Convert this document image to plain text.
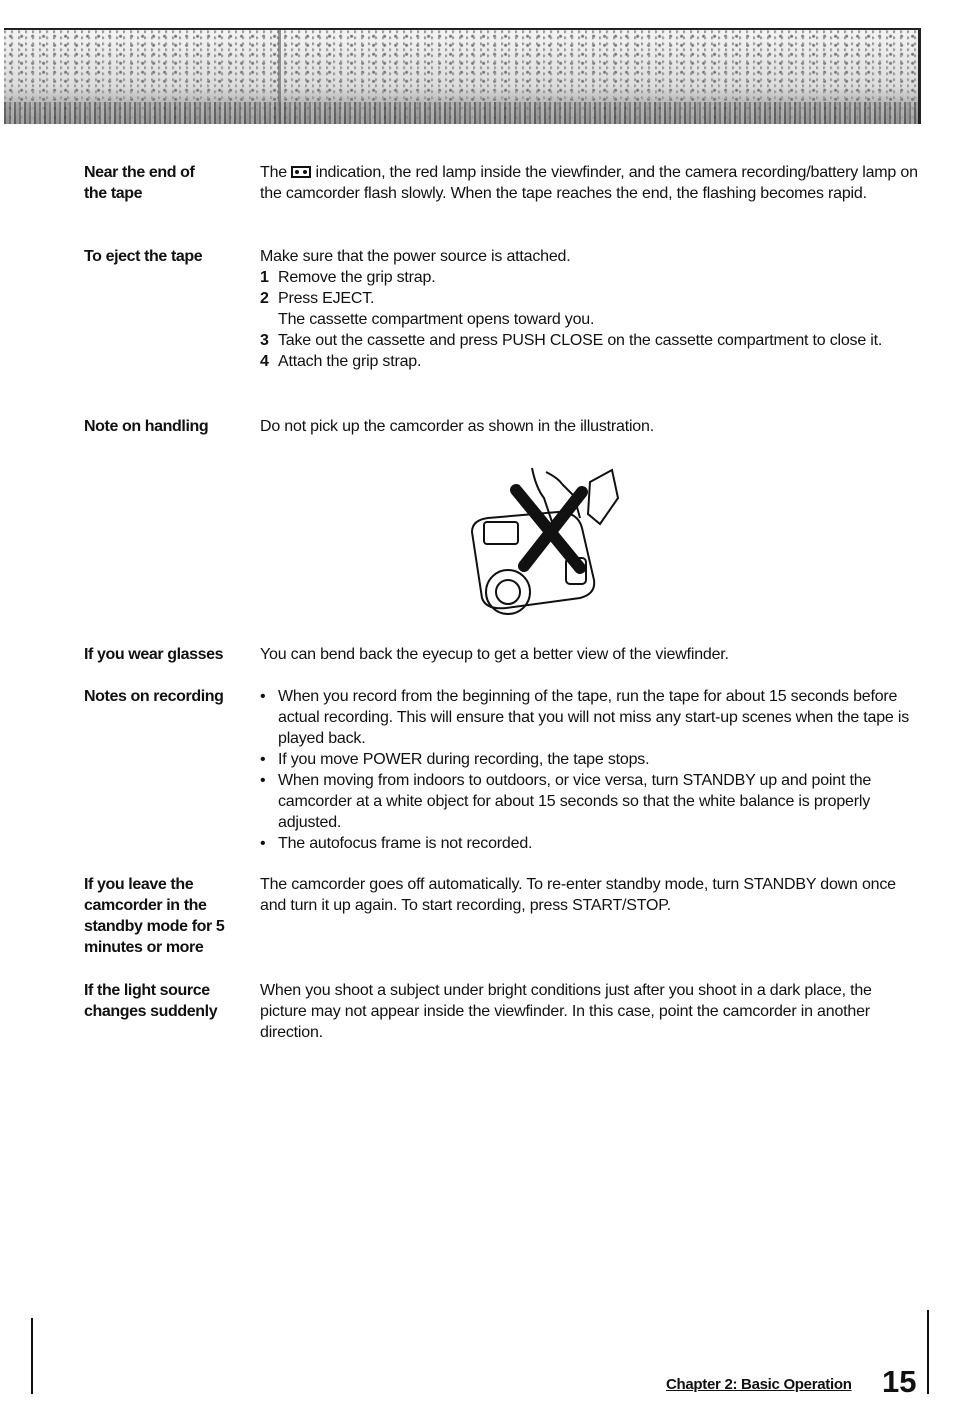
Near the end of
the tape

The  indication, the red lamp inside the viewfinder, and the camera recording/battery lamp on the camcorder flash slowly. When the tape reaches the end, the flashing becomes rapid.

To eject the tape	Make sure that the power source is attached.

1 Remove the grip strap.
2 Press EJECT.
The cassette compartment opens toward you.
3 Take out the cassette and press PUSH CLOSE on the cassette compartment to close it.
4 Attach the grip strap.
Note on handling	Do not pick up the camcorder as shown in the illustration.

If you wear glasses	You can bend back the eyecup to get a better view of the viewfinder.

Notes on recording
•	When you record from the beginning of the tape, run the tape for about 15 seconds before actual recording. This will ensure that you will not miss any start-up scenes when the tape is played back.
• If you move POWER during recording, the tape stops.
• When moving from indoors to outdoors, or vice versa, turn STANDBY up and point the camcorder at a white object for about 15 seconds so that the white balance is properly adjusted.
• The autofocus frame is not recorded.
If you leave the
camcorder in the
standby mode for 5
minutes or more

The camcorder goes off automatically. To re-enter standby mode, turn STANDBY down once and turn it up again. To start recording, press START/STOP.

If the light source
changes suddenly

When you shoot a subject under bright conditions just after you shoot in a dark place, the picture may not appear inside the viewfinder. In this case, point the camcorder in another direction.

Chapter 2: Basic Operation 15
